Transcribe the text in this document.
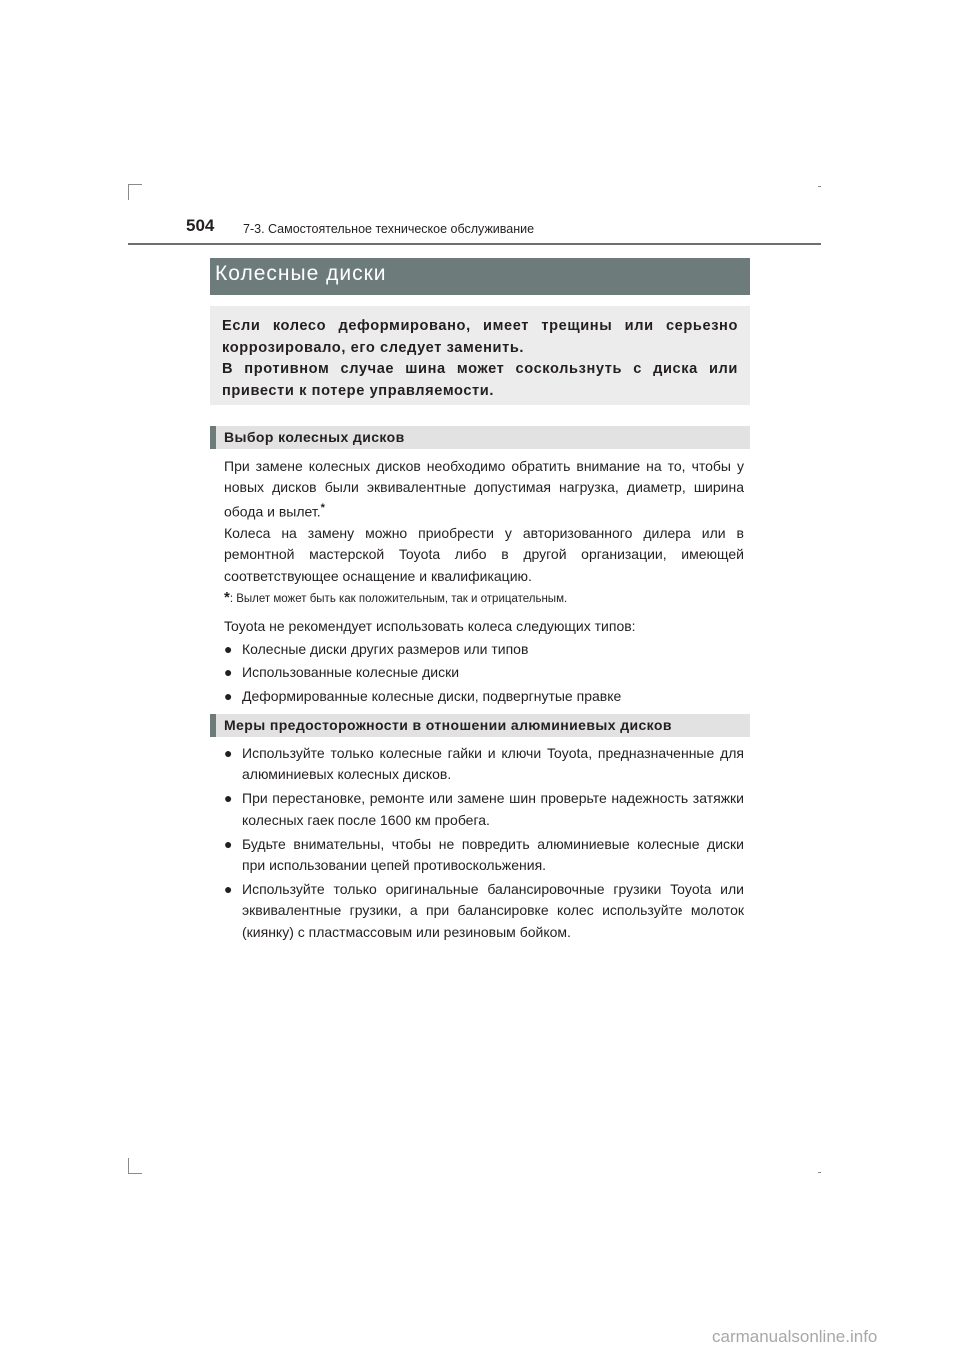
504 7-3. Самостоятельное техническое обслуживание
Колесные диски

Если колесо деформировано, имеет трещины или серьезно

коррозировало, его следует заменить.

В противном случае шина может соскользнуть с диска или

привести к потере управляемости.

Выбор колесных дисков

При замене колесных дисков необходимо обратить внимание на то, чтобы у новых дисков были эквивалентные допустимая нагрузка, диаметр, ширина обода и вылет.*

Колеса на замену можно приобрести у авторизованного дилера или в ремонтной мастерской Toyota либо в другой организации, имеющей соответствующее оснащение и квалификацию.

*: Вылет может быть как положительным, так и отрицательным.

Toyota не рекомендует использовать колеса следующих типов:

● Колесные диски других размеров или типов
● Использованные колесные диски
● Деформированные колесные диски, подвергнутые правке
Меры предосторожности в отношении алюминиевых дисков
● Используйте только колесные гайки и ключи Toyota, предназначенные для алюминиевых колесных дисков.
● При перестановке, ремонте или замене шин проверьте надежность затяжки колесных гаек после 1600 км пробега.
● Будьте внимательны, чтобы не повредить алюминиевые колесные диски при использовании цепей противоскольжения.
● Используйте только оригинальные балансировочные грузики Toyota или эквивалентные грузики, а при балансировке колес используйте молоток (киянку) с пластмассовым или резиновым бойком.
carmanualsonline.info
